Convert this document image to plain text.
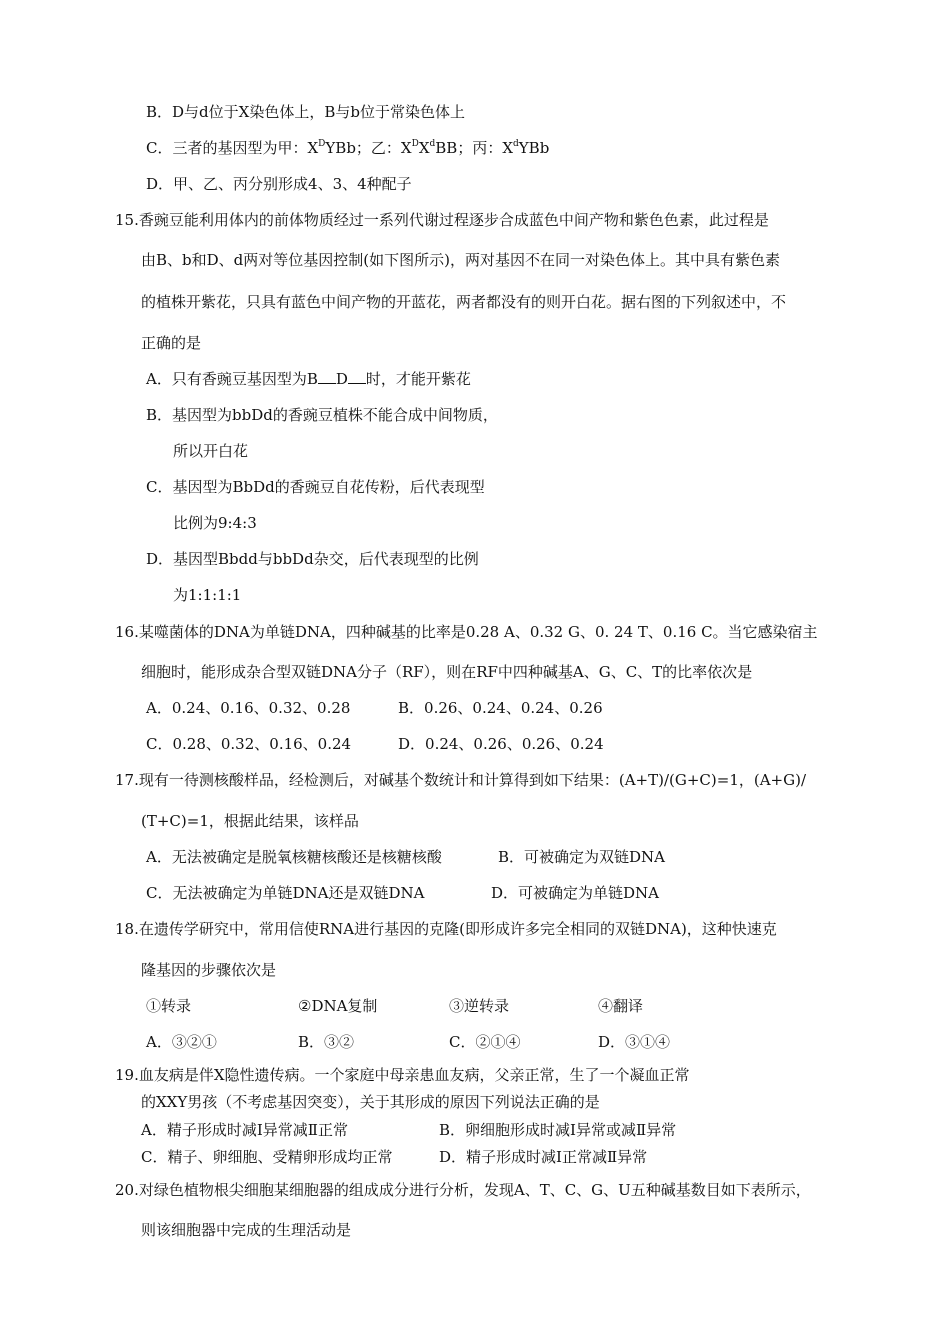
B．D与d位于X染色体上，B与b位于常染色体上
C．三者的基因型为甲：$X^DYBb$；乙：$X^DX^dBB$；丙：$X^dYBb$
D．甲、乙、丙分别形成4、3、4种配子
15.香豌豆能利用体内的前体物质经过一系列代谢过程逐步合成蓝色中间产物和紫色色素，此过程是
由B、b和D、d两对等位基因控制(如下图所示)，两对基因不在同一对染色体上。其中具有紫色素
的植株开紫花，只具有蓝色中间产物的开蓝花，两者都没有的则开白花。据右图的下列叙述中，不
正确的是
A．只有香豌豆基因型为B D 时，才能开紫花
B．基因型为bbDd的香豌豆植株不能合成中间物质，
所以开白花
C．基因型为BbDd的香豌豆自花传粉，后代表现型
比例为9:4:3
D．基因型Bbdd与bbDd杂交，后代表现型的比例
为1:1:1:1
16.某噬菌体的DNA为单链DNA，四种碱基的比率是0.28 A、0.32 G、0. 24 T、0.16 C。当它感染宿主
细胞时，能形成杂合型双链DNA分子（RF），则在RF中四种碱基A、G、C、T的比率依次是
A．0.24、0.16、0.32、0.28	B．0.26、0.24、0.24、0.26
C．0.28、0.32、0.16、0.24	D．0.24、0.26、0.26、0.24
17.现有一待测核酸样品，经检测后，对碱基个数统计和计算得到如下结果：(A+T)/(G+C)=1，(A+G)/
(T+C)=1，根据此结果，该样品
A．无法被确定是脱氧核糖核酸还是核糖核酸	B．可被确定为双链DNA
C．无法被确定为单链DNA还是双链DNA	D．可被确定为单链DNA
18.在遗传学研究中，常用信使RNA进行基因的克隆(即形成许多完全相同的双链DNA)，这种快速克
隆基因的步骤依次是
①转录	②DNA复制	③逆转录	④翻译
A．③②①	B．③②	C．②①④	D．③①④
19.血友病是伴X隐性遗传病。一个家庭中母亲患血友病，父亲正常，生了一个凝血正常
的XXY男孩（不考虑基因突变），关于其形成的原因下列说法正确的是
A．精子形成时减Ⅰ异常减Ⅱ正常	B．卵细胞形成时减Ⅰ异常或减Ⅱ异常
C．精子、卵细胞、受精卵形成均正常	D．精子形成时减Ⅰ正常减Ⅱ异常
20.对绿色植物根尖细胞某细胞器的组成成分进行分析，发现A、T、C、G、U五种碱基数目如下表所示，
则该细胞器中完成的生理活动是
